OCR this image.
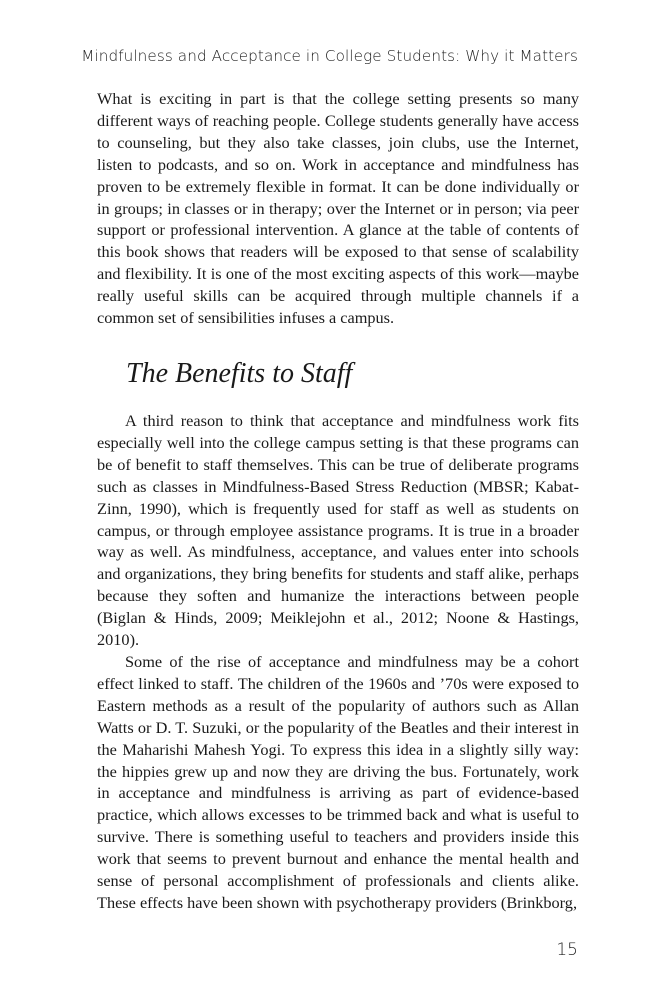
Mindfulness and Acceptance in College Students: Why it Matters

What is exciting in part is that the college setting presents so many different ways of reaching people. College students generally have access to counseling, but they also take classes, join clubs, use the Internet, listen to podcasts, and so on. Work in acceptance and mindfulness has proven to be extremely flexible in format. It can be done individually or in groups; in classes or in therapy; over the Internet or in person; via peer support or professional intervention. A glance at the table of contents of this book shows that readers will be exposed to that sense of scalability and flexibility. It is one of the most exciting aspects of this work—maybe really useful skills can be acquired through multiple channels if a common set of sensibilities infuses a campus.

The Benefits to Staff

A third reason to think that acceptance and mindfulness work fits especially well into the college campus setting is that these programs can be of benefit to staff themselves. This can be true of deliberate programs such as classes in Mindfulness-Based Stress Reduction (MBSR; Kabat-Zinn, 1990), which is frequently used for staff as well as students on campus, or through employee assistance programs. It is true in a broader way as well. As mindfulness, acceptance, and values enter into schools and organizations, they bring benefits for students and staff alike, perhaps because they soften and humanize the interactions between people (Biglan & Hinds, 2009; Meiklejohn et al., 2012; Noone & Hastings, 2010).

Some of the rise of acceptance and mindfulness may be a cohort effect linked to staff. The children of the 1960s and ’70s were exposed to Eastern methods as a result of the popularity of authors such as Allan Watts or D. T. Suzuki, or the popularity of the Beatles and their interest in the Maharishi Mahesh Yogi. To express this idea in a slightly silly way: the hippies grew up and now they are driving the bus. Fortunately, work in acceptance and mindfulness is arriving as part of evidence-based practice, which allows excesses to be trimmed back and what is useful to survive. There is something useful to teachers and providers inside this work that seems to prevent burnout and enhance the mental health and sense of personal accomplishment of professionals and clients alike. These effects have been shown with psychotherapy providers (Brinkborg,

15
